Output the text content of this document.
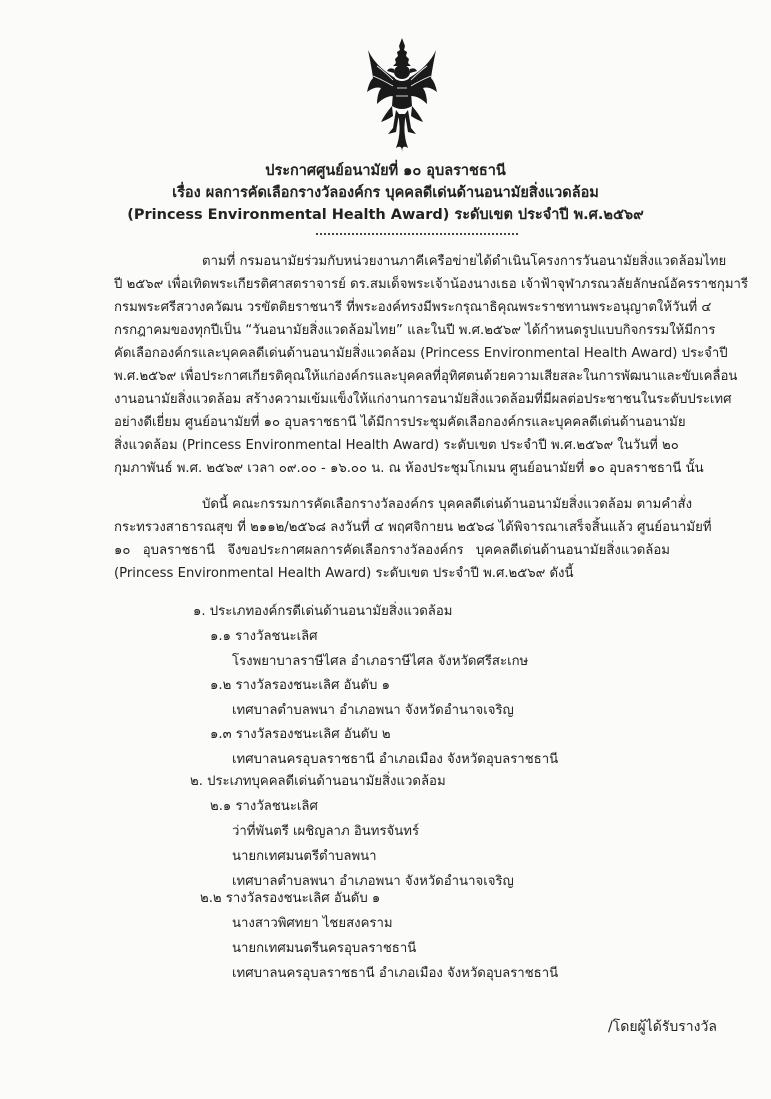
ประกาศศูนย์อนามัยที่ ๑๐ อุบลราชธานี
เรื่อง ผลการคัดเลือกรางวัลองค์กร บุคคลดีเด่นด้านอนามัยสิ่งแวดล้อม
(Princess Environmental Health Award) ระดับเขต ประจำปี พ.ศ.๒๕๖๙
ตามที่ กรมอนามัยร่วมกับหน่วยงานภาคีเครือข่ายได้ดำเนินโครงการวันอนามัยสิ่งแวดล้อมไทย
ปี ๒๕๖๙ เพื่อเทิดพระเกียรติศาสตราจารย์ ดร.สมเด็จพระเจ้าน้องนางเธอ เจ้าฟ้าจุฬาภรณวลัยลักษณ์อัครราชกุมารี
กรมพระศรีสวางควัฒน วรขัตติยราชนารี ที่พระองค์ทรงมีพระกรุณาธิคุณพระราชทานพระอนุญาตให้วันที่ ๔
กรกฎาคมของทุกปีเป็น “วันอนามัยสิ่งแวดล้อมไทย” และในปี พ.ศ.๒๕๖๙ ได้กำหนดรูปแบบกิจกรรมให้มีการ
คัดเลือกองค์กรและบุคคลดีเด่นด้านอนามัยสิ่งแวดล้อม (Princess Environmental Health Award) ประจำปี
พ.ศ.๒๕๖๙ เพื่อประกาศเกียรติคุณให้แก่องค์กรและบุคคลที่อุทิศตนด้วยความเสียสละในการพัฒนาและขับเคลื่อน
งานอนามัยสิ่งแวดล้อม สร้างความเข้มแข็งให้แก่งานการอนามัยสิ่งแวดล้อมที่มีผลต่อประชาชนในระดับประเทศ
อย่างดีเยี่ยม ศูนย์อนามัยที่ ๑๐ อุบลราชธานี ได้มีการประชุมคัดเลือกองค์กรและบุคคลดีเด่นด้านอนามัย
สิ่งแวดล้อม (Princess Environmental Health Award) ระดับเขต ประจำปี พ.ศ.๒๕๖๙ ในวันที่ ๒๐
กุมภาพันธ์ พ.ศ. ๒๕๖๙ เวลา ๐๙.๐๐ - ๑๖.๐๐ น. ณ ห้องประชุมโกเมน ศูนย์อนามัยที่ ๑๐ อุบลราชธานี นั้น
บัดนี้ คณะกรรมการคัดเลือกรางวัลองค์กร บุคคลดีเด่นด้านอนามัยสิ่งแวดล้อม ตามคำสั่ง
กระทรวงสาธารณสุข ที่ ๒๑๑๒/๒๕๖๘ ลงวันที่ ๔ พฤศจิกายน ๒๕๖๘ ได้พิจารณาเสร็จสิ้นแล้ว ศูนย์อนามัยที่
๑๐ อุบลราชธานี จึงขอประกาศผลการคัดเลือกรางวัลองค์กร บุคคลดีเด่นด้านอนามัยสิ่งแวดล้อม
(Princess Environmental Health Award) ระดับเขต ประจำปี พ.ศ.๒๕๖๙ ดังนี้
๑. ประเภทองค์กรดีเด่นด้านอนามัยสิ่งแวดล้อม
๑.๑ รางวัลชนะเลิศ
โรงพยาบาลราษีไศล อำเภอราษีไศล จังหวัดศรีสะเกษ
๑.๒ รางวัลรองชนะเลิศ อันดับ ๑
เทศบาลตำบลพนา อำเภอพนา จังหวัดอำนาจเจริญ
๑.๓ รางวัลรองชนะเลิศ อันดับ ๒
เทศบาลนครอุบลราชธานี อำเภอเมือง จังหวัดอุบลราชธานี
๒. ประเภทบุคคลดีเด่นด้านอนามัยสิ่งแวดล้อม
๒.๑ รางวัลชนะเลิศ
ว่าที่พันตรี เผชิญลาภ อินทรจันทร์
นายกเทศมนตรีตำบลพนา
เทศบาลตำบลพนา อำเภอพนา จังหวัดอำนาจเจริญ
๒.๒ รางวัลรองชนะเลิศ อันดับ ๑
นางสาวพิศทยา ไชยสงคราม
นายกเทศมนตรีนครอุบลราชธานี
เทศบาลนครอุบลราชธานี อำเภอเมือง จังหวัดอุบลราชธานี
/โดยผู้ได้รับรางวัล
